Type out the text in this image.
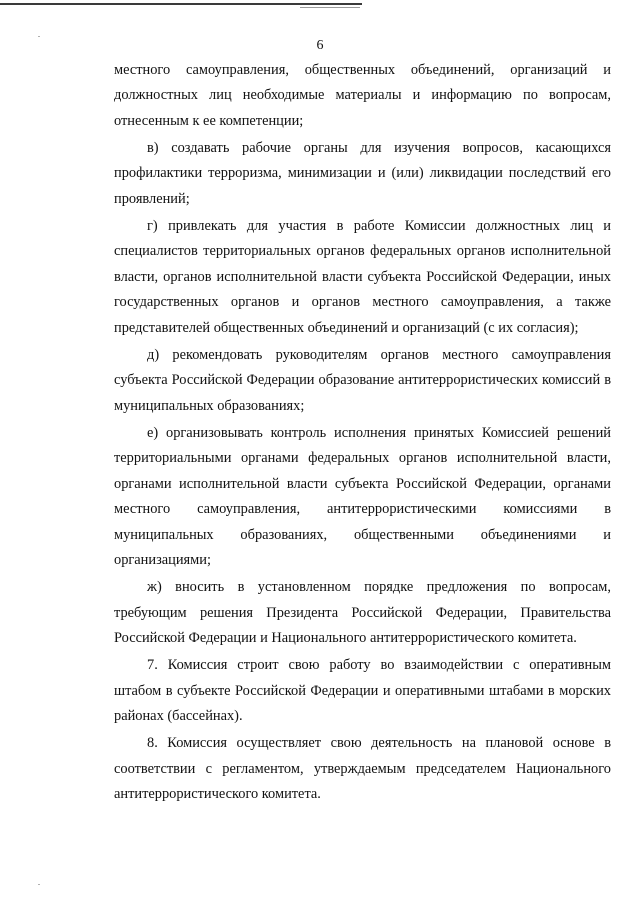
6

местного самоуправления, общественных объединений, организаций и должностных лиц необходимые материалы и информацию по вопросам, отнесенным к ее компетенции;

в) создавать рабочие органы для изучения вопросов, касающихся профилактики терроризма, минимизации и (или) ликвидации последствий его проявлений;

г) привлекать для участия в работе Комиссии должностных лиц и специалистов территориальных органов федеральных органов исполнительной власти, органов исполнительной власти субъекта Российской Федерации, иных государственных органов и органов местного самоуправления, а также представителей общественных объединений и организаций (с их согласия);

д) рекомендовать руководителям органов местного самоуправления субъекта Российской Федерации образование антитеррористических комиссий в муниципальных образованиях;

е) организовывать контроль исполнения принятых Комиссией решений территориальными органами федеральных органов исполнительной власти, органами исполнительной власти субъекта Российской Федерации, органами местного самоуправления, антитеррористическими комиссиями в муниципальных образованиях, общественными объединениями и организациями;

ж) вносить в установленном порядке предложения по вопросам, требующим решения Президента Российской Федерации, Правительства Российской Федерации и Национального антитеррористического комитета.

7. Комиссия строит свою работу во взаимодействии с оперативным штабом в субъекте Российской Федерации и оперативными штабами в морских районах (бассейнах).

8. Комиссия осуществляет свою деятельность на плановой основе в соответствии с регламентом, утверждаемым председателем Национального антитеррористического комитета.
